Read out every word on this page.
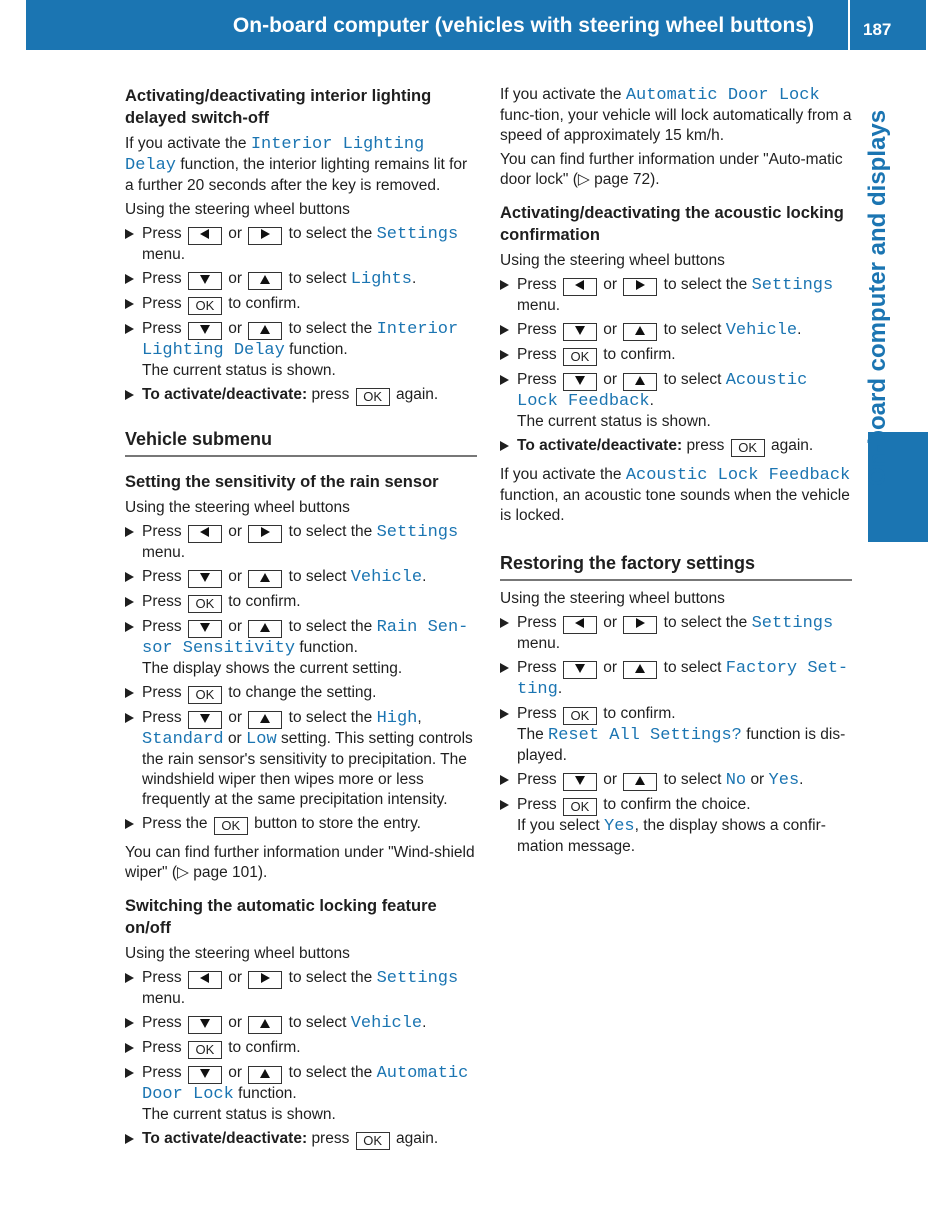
On-board computer (vehicles with steering wheel buttons)	187
On-board computer and displays
Activating/deactivating interior lighting delayed switch-off

If you activate the Interior Lighting Delay function, the interior lighting remains lit for a further 20 seconds after the key is removed.

Using the steering wheel buttons

Press	or	to select the Settings menu.
Press	or	to select Lights.
Press OK to confirm.
Press	or	to select the Interior
Lighting Delay function.
The current status is shown.
To activate/deactivate: press OK again.
Vehicle submenu
Setting the sensitivity of the rain sensor

Using the steering wheel buttons

Press	or	to select the Settings menu.
Press	or	to select Vehicle.
Press OK to confirm.
Press	or	to select the Rain Sen-
sor Sensitivity function.
The display shows the current setting.
Press OK to change the setting.
Press	or	to select the High,
Standard or Low setting. This setting controls the rain sensor's sensitivity to precipitation. The windshield wiper then wipes more or less frequently at the same precipitation intensity.
Press the OK button to store the entry.

You can find further information under "Wind-shield wiper" (▷ page 101).

Switching the automatic locking feature on/off

Using the steering wheel buttons

Press	or	to select the Settings menu.
Press	or	to select Vehicle.
Press OK to confirm.
Press	or	to select the Automatic
Door Lock function.
The current status is shown.
To activate/deactivate: press OK again.

If you activate the Automatic Door Lock func-tion, your vehicle will lock automatically from a speed of approximately 15 km/h.

You can find further information under "Auto-matic door lock" (▷ page 72).

Activating/deactivating the acoustic locking confirmation

Using the steering wheel buttons

Press	or	to select the Settings menu.
Press	or	to select Vehicle.
Press OK to confirm.
Press	or	to select Acoustic
Lock Feedback.
The current status is shown.
To activate/deactivate: press OK again.

If you activate the Acoustic Lock Feedback function, an acoustic tone sounds when the vehicle is locked.

Restoring the factory settings

Using the steering wheel buttons

Press	or	to select the Settings menu.
Press	or	to select Factory Set-
ting.
Press OK to confirm.
The Reset All Settings? function is dis-played.
Press	or	to select No or Yes.
Press OK to confirm the choice.
If you select Yes, the display shows a confir-mation message.
